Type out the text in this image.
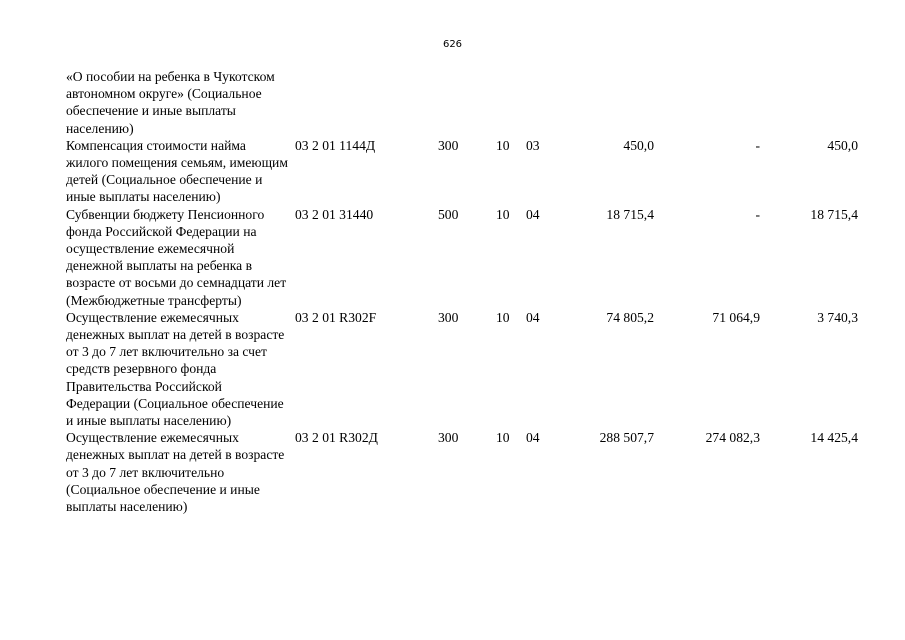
626
«О пособии на ребенка в Чукотском автономном округе» (Социальное обеспечение и иные выплаты населению)
Компенсация стоимости найма жилого помещения семьям, имеющим детей (Социальное обеспечение и иные выплаты населению)
03 2 01 1144Д	300	10 03	450,0	-	450,0
Субвенции бюджету Пенсионного фонда Российской Федерации на осуществление ежемесячной денежной выплаты на ребенка в возрасте от восьми до семнадцати лет (Межбюджетные трансферты)
03 2 01 31440	500	10 04	18 715,4	-	18 715,4
Осуществление ежемесячных денежных выплат на детей в возрасте от 3 до 7 лет включительно за счет средств резервного фонда Правительства Российской Федерации (Социальное обеспечение и иные выплаты населению)
03 2 01 R302F	300	10 04	74 805,2	71 064,9	3 740,3
Осуществление ежемесячных денежных выплат на детей в возрасте от 3 до 7 лет включительно (Социальное обеспечение и иные выплаты населению)
03 2 01 R302Д	300	10 04	288 507,7	274 082,3	14 425,4
